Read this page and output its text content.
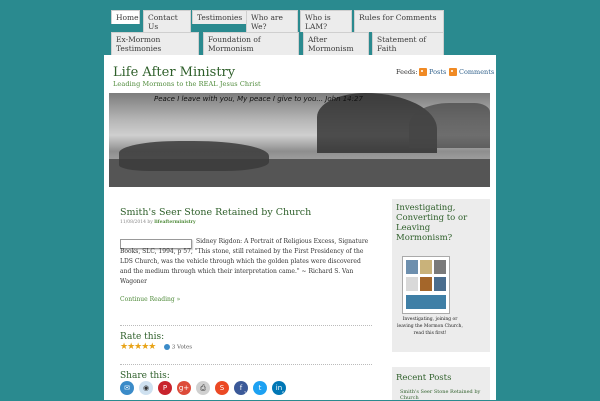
Home	Contact Us
Testimonies	Who are We?
Who is LAM?
Rules for Comments
Ex-Mormon Testimonies
Foundation of Mormonism
After Mormonism
Statement of Faith
Life After Ministry
Leading Mormons to the REAL Jesus Christ
Feeds: Posts Comments
Peace I leave with you, My peace I give to you... John 14:27
Smith's Seer Stone Retained by Church
11/08/2014 by lifeafterministry
Sidney Rigdon: A Portrait of Religious Excess, Signature Books, SLC, 1994, p 57, "This stone, still retained by the First Presidency of the LDS Church, was the vehicle through which the golden plates were discovered and the medium through which their interpretation came." ~ Richard S. Van Wagoner
Continue Reading »
Rate this:
★★★★★	3 Votes
Share this:
✉	◉	P	g+	⎙	S	f
2
t	in
5
Investigating, Converting to or Leaving Mormonism?
Investigating, joining or leaving the Mormon Church, read this first!
Recent Posts
Smith's Seer Stone Retained by Church
